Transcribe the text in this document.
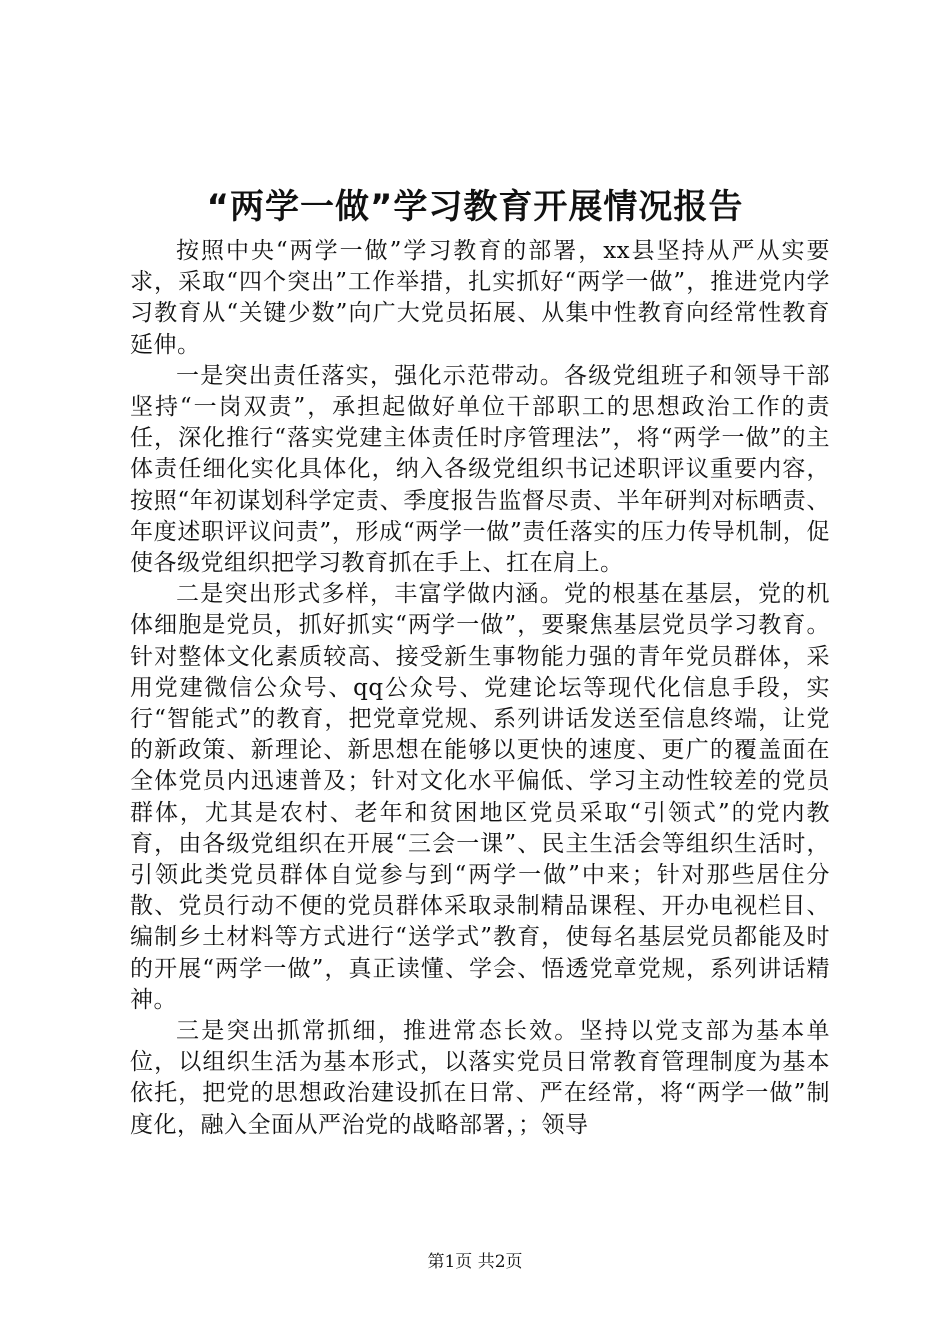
“两学一做”学习教育开展情况报告

按照中央“两学一做”学习教育的部署，xx县坚持从严从实要求，采取“四个突出”工作举措，扎实抓好“两学一做”，推进党内学习教育从“关键少数”向广大党员拓展、从集中性教育向经常性教育延伸。

一是突出责任落实，强化示范带动。各级党组班子和领导干部坚持“一岗双责”，承担起做好单位干部职工的思想政治工作的责任，深化推行“落实党建主体责任时序管理法”，将“两学一做”的主体责任细化实化具体化，纳入各级党组织书记述职评议重要内容，按照“年初谋划科学定责、季度报告监督尽责、半年研判对标晒责、年度述职评议问责”，形成“两学一做”责任落实的压力传导机制，促使各级党组织把学习教育抓在手上、扛在肩上。

二是突出形式多样，丰富学做内涵。党的根基在基层，党的机体细胞是党员，抓好抓实“两学一做”，要聚焦基层党员学习教育。针对整体文化素质较高、接受新生事物能力强的青年党员群体，采用党建微信公众号、qq公众号、党建论坛等现代化信息手段，实行“智能式”的教育，把党章党规、系列讲话发送至信息终端，让党的新政策、新理论、新思想在能够以更快的速度、更广的覆盖面在全体党员内迅速普及；针对文化水平偏低、学习主动性较差的党员群体，尤其是农村、老年和贫困地区党员采取“引领式”的党内教育，由各级党组织在开展“三会一课”、民主生活会等组织生活时，引领此类党员群体自觉参与到“两学一做”中来；针对那些居住分散、党员行动不便的党员群体采取录制精品课程、开办电视栏目、编制乡土材料等方式进行“送学式”教育，使每名基层党员都能及时的开展“两学一做”，真正读懂、学会、悟透党章党规，系列讲话精神。

三是突出抓常抓细，推进常态长效。坚持以党支部为基本单位，以组织生活为基本形式，以落实党员日常教育管理制度为基本依托，把党的思想政治建设抓在日常、严在经常，将“两学一做”制度化，融入全面从严治党的战略部署，；领导

第1页 共2页
